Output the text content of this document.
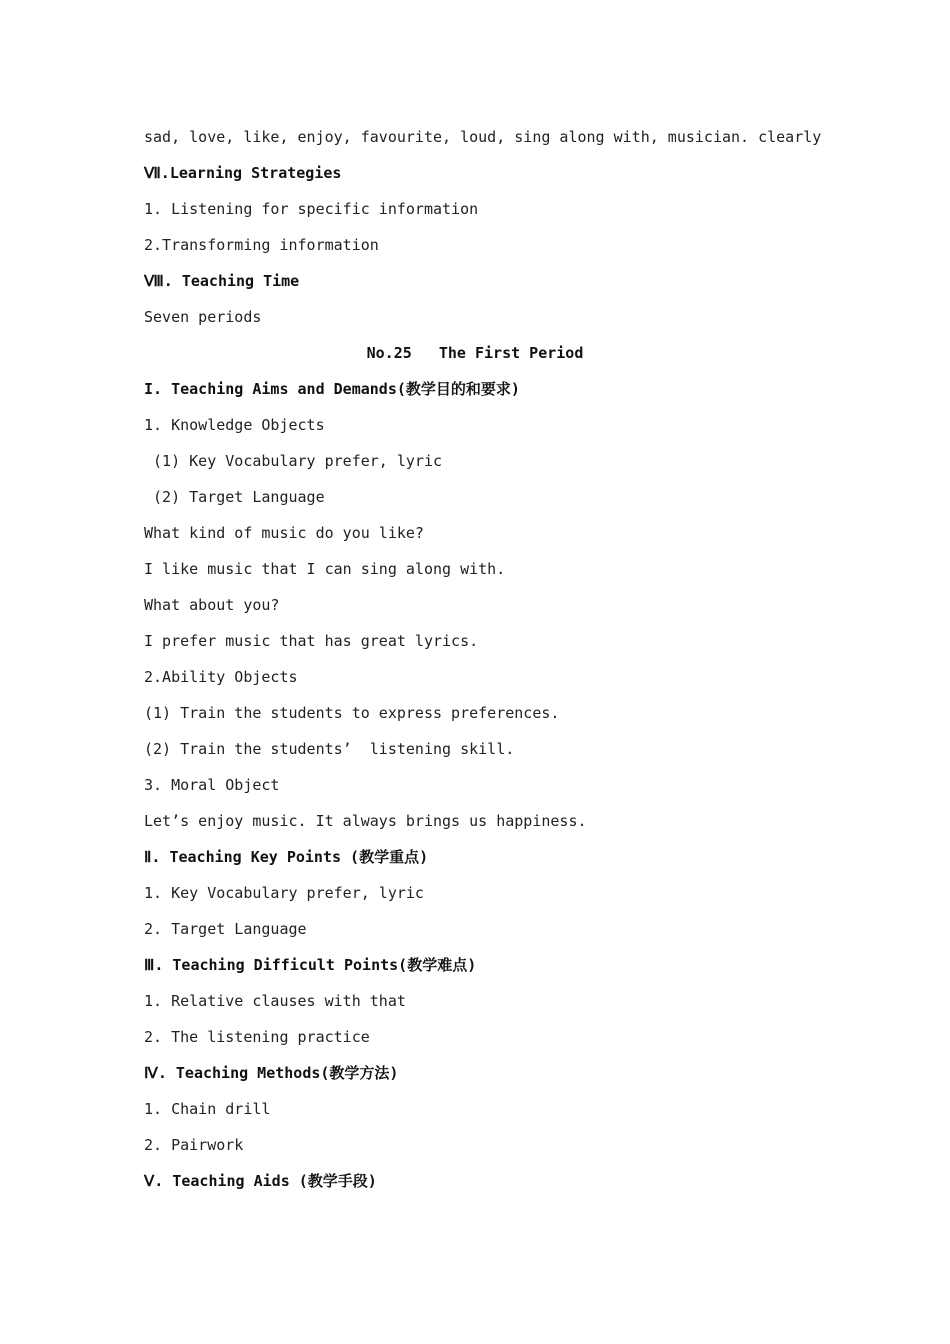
sad, love, like, enjoy, favourite, loud, sing along with, musician. clearly
Ⅶ.Learning Strategies
1. Listening for specific information
2.Transforming information
Ⅷ. Teaching Time
Seven periods
No.25   The First Period
I. Teaching Aims and Demands(教学目的和要求)
1. Knowledge Objects
(1) Key Vocabulary prefer, lyric
(2) Target Language
What kind of music do you like?
I like music that I can sing along with.
What about you?
I prefer music that has great lyrics.
2.Ability Objects
(1) Train the students to express preferences.
(2) Train the students’  listening skill.
3. Moral Object
Let’s enjoy music. It always brings us happiness.
Ⅱ. Teaching Key Points (教学重点)
1. Key Vocabulary prefer, lyric
2. Target Language
Ⅲ. Teaching Difficult Points(教学难点)
1. Relative clauses with that
2. The listening practice
Ⅳ. Teaching Methods(教学方法)
1. Chain drill
2. Pairwork
Ⅴ. Teaching Aids (教学手段)
